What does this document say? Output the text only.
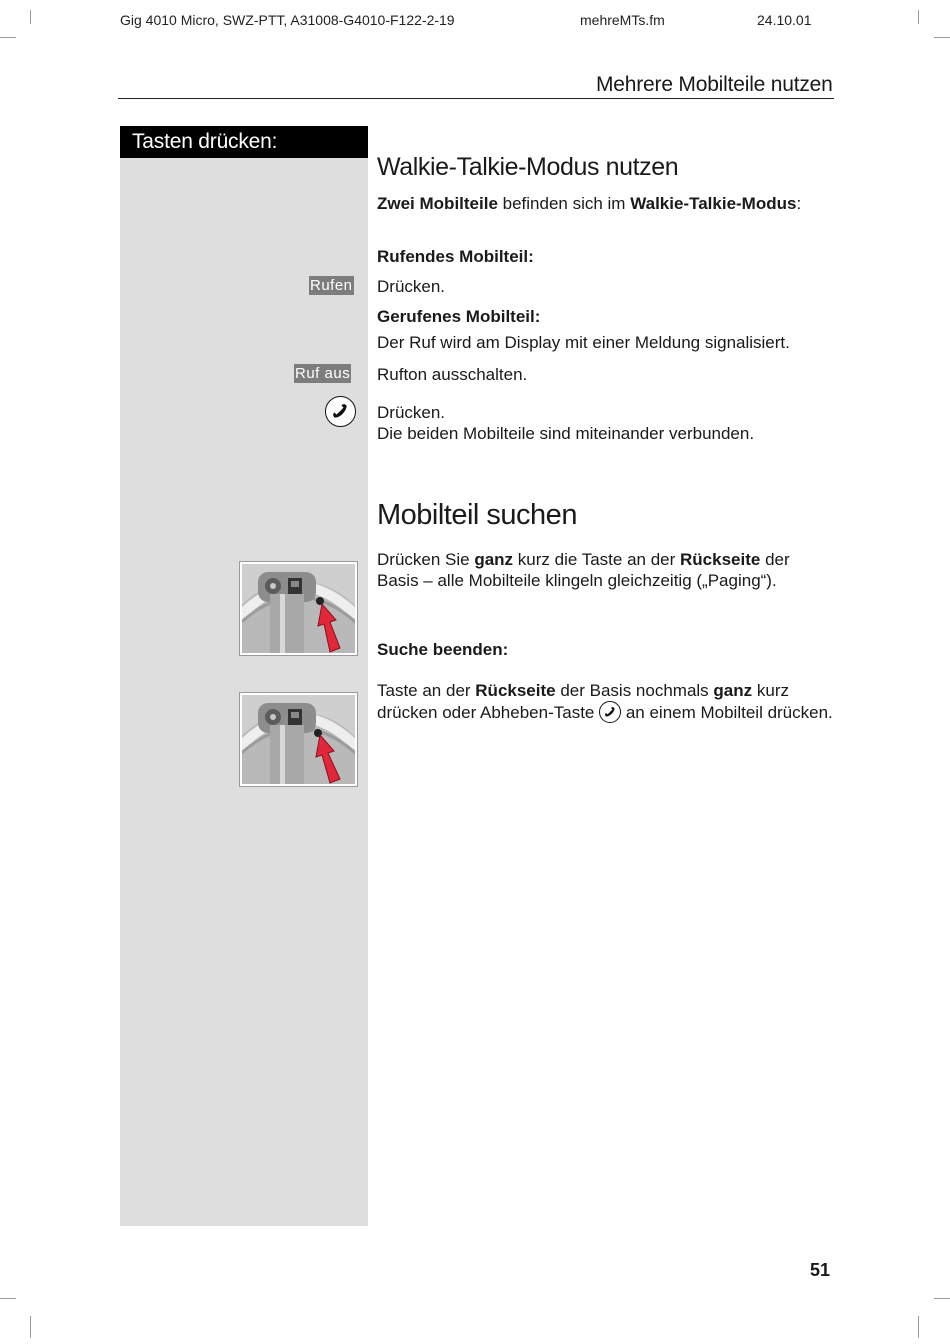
Gig 4010 Micro, SWZ-PTT, A31008-G4010-F122-2-19	mehreMTs.fm	24.10.01
Mehrere Mobilteile nutzen
Tasten drücken:
Walkie-Talkie-Modus nutzen
Zwei Mobilteile befinden sich im Walkie-Talkie-Modus:
Rufendes Mobilteil:
Rufen Drücken.
Gerufenes Mobilteil:
Der Ruf wird am Display mit einer Meldung signalisiert.
Ruf aus Rufton ausschalten.
Drücken.
Die beiden Mobilteile sind miteinander verbunden.
Mobilteil suchen
Drücken Sie ganz kurz die Taste an der Rückseite der Basis – alle Mobilteile klingeln gleichzeitig („Paging“).
Suche beenden:
Taste an der Rückseite der Basis nochmals ganz kurz drücken oder Abheben-Taste
an einem Mobilteil drücken.
51
